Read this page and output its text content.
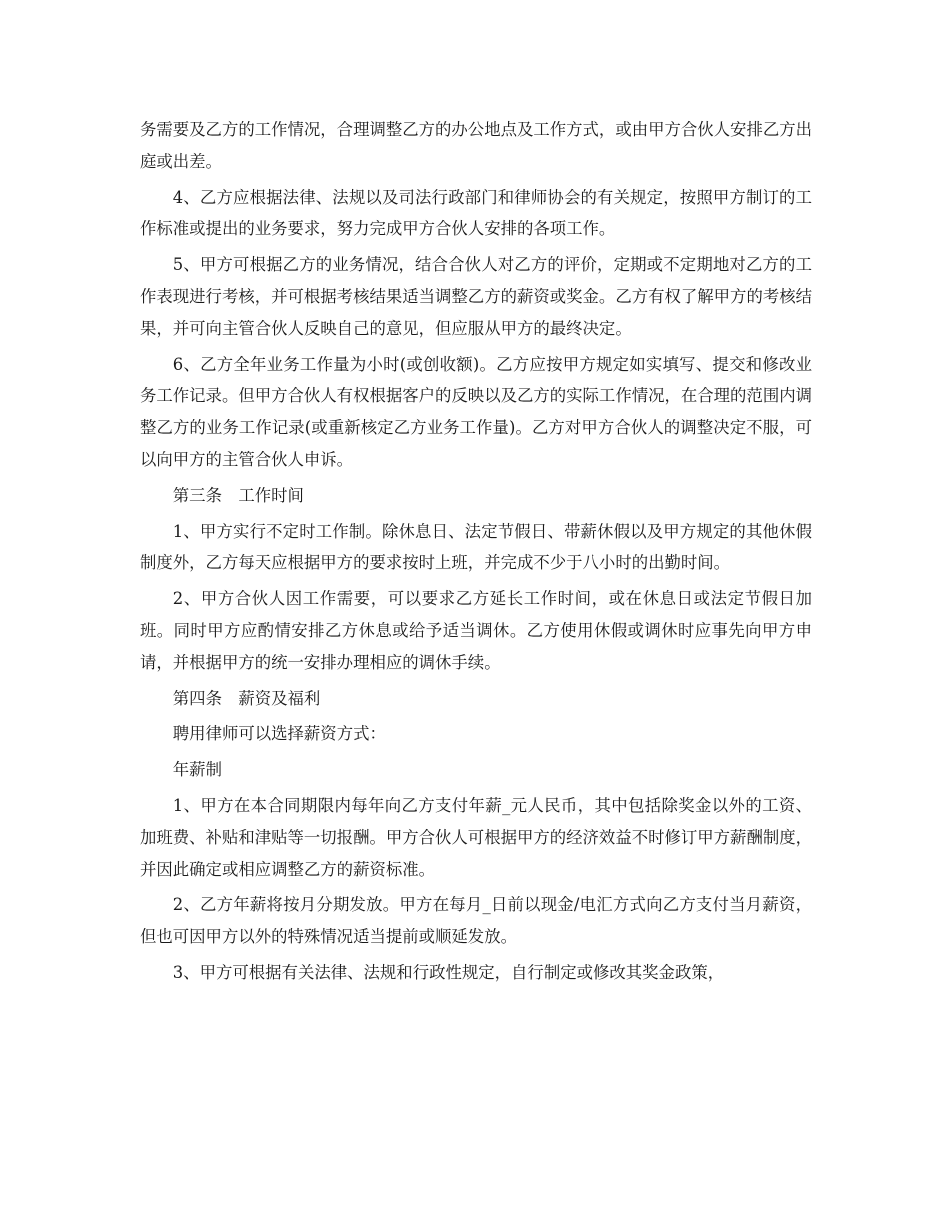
务需要及乙方的工作情况，合理调整乙方的办公地点及工作方式，或由甲方合伙人安排乙方出庭或出差。

4、乙方应根据法律、法规以及司法行政部门和律师协会的有关规定，按照甲方制订的工作标准或提出的业务要求，努力完成甲方合伙人安排的各项工作。

5、甲方可根据乙方的业务情况，结合合伙人对乙方的评价，定期或不定期地对乙方的工作表现进行考核，并可根据考核结果适当调整乙方的薪资或奖金。乙方有权了解甲方的考核结果，并可向主管合伙人反映自己的意见，但应服从甲方的最终决定。

6、乙方全年业务工作量为小时(或创收额)。乙方应按甲方规定如实填写、提交和修改业务工作记录。但甲方合伙人有权根据客户的反映以及乙方的实际工作情况，在合理的范围内调整乙方的业务工作记录(或重新核定乙方业务工作量)。乙方对甲方合伙人的调整决定不服，可以向甲方的主管合伙人申诉。

第三条　工作时间

1、甲方实行不定时工作制。除休息日、法定节假日、带薪休假以及甲方规定的其他休假制度外，乙方每天应根据甲方的要求按时上班，并完成不少于八小时的出勤时间。

2、甲方合伙人因工作需要，可以要求乙方延长工作时间，或在休息日或法定节假日加班。同时甲方应酌情安排乙方休息或给予适当调休。乙方使用休假或调休时应事先向甲方申请，并根据甲方的统一安排办理相应的调休手续。

第四条　薪资及福利

聘用律师可以选择薪资方式：

年薪制

1、甲方在本合同期限内每年向乙方支付年薪_元人民币，其中包括除奖金以外的工资、加班费、补贴和津贴等一切报酬。甲方合伙人可根据甲方的经济效益不时修订甲方薪酬制度，并因此确定或相应调整乙方的薪资标准。

2、乙方年薪将按月分期发放。甲方在每月_日前以现金/电汇方式向乙方支付当月薪资，但也可因甲方以外的特殊情况适当提前或顺延发放。

3、甲方可根据有关法律、法规和行政性规定，自行制定或修改其奖金政策，
